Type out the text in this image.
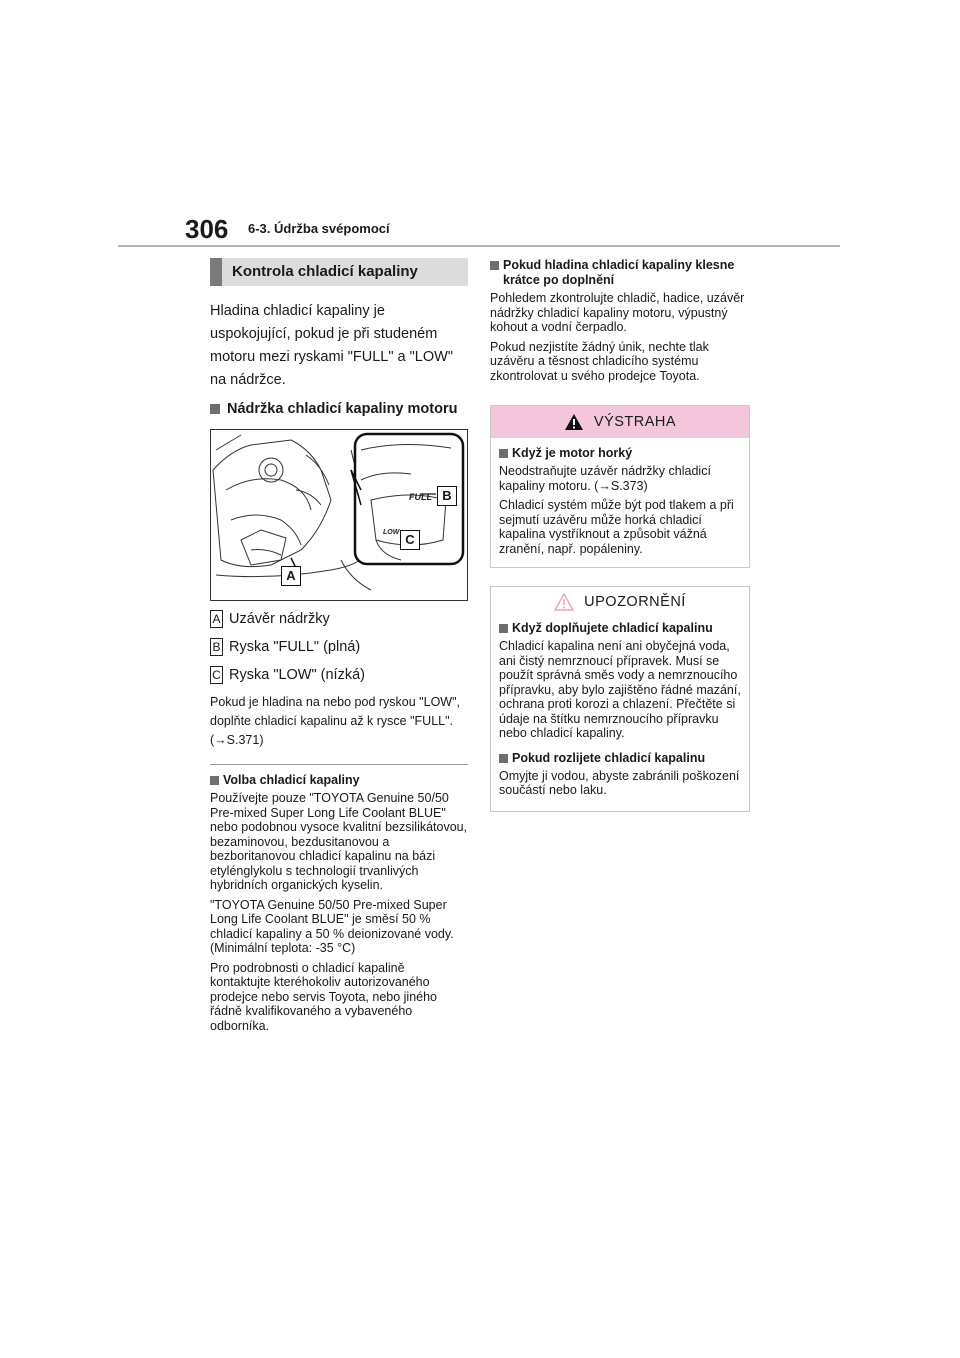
306 6-3. Údržba svépomocí
Kontrola chladicí kapaliny

Hladina chladicí kapaliny je uspokojující, pokud je při studeném motoru mezi ryskami "FULL" a "LOW" na nádržce.

Nádržka chladicí kapaliny motoru
FULL
LOW
B
C
A
A Uzávěr nádržky
B Ryska "FULL" (plná)
C Ryska "LOW" (nízká)

Pokud je hladina na nebo pod ryskou "LOW", doplňte chladicí kapalinu až k rysce "FULL". (→S.371)

Volba chladicí kapaliny

Používejte pouze "TOYOTA Genuine 50/50 Pre-mixed Super Long Life Coolant BLUE" nebo podobnou vysoce kvalitní bezsilikátovou, bezaminovou, bezdusitanovou a bezboritanovou chladicí kapalinu na bázi etylénglykolu s technologií trvanlivých hybridních organických kyselin.

"TOYOTA Genuine 50/50 Pre-mixed Super Long Life Coolant BLUE" je směsí 50 % chladicí kapaliny a 50 % deionizované vody. (Minimální teplota: -35 °C)

Pro podrobnosti o chladicí kapalině kontaktujte kteréhokoliv autorizovaného prodejce nebo servis Toyota, nebo jiného řádně kvalifikovaného a vybaveného odborníka.

Pokud hladina chladicí kapaliny klesne krátce po doplnění

Pohledem zkontrolujte chladič, hadice, uzávěr nádržky chladicí kapaliny motoru, výpustný kohout a vodní čerpadlo.

Pokud nezjistíte žádný únik, nechte tlak uzávěru a těsnost chladicího systému zkontrolovat u svého prodejce Toyota.

VÝSTRAHA
Když je motor horký

Neodstraňujte uzávěr nádržky chladicí kapaliny motoru. (→S.373)

Chladicí systém může být pod tlakem a při sejmutí uzávěru může horká chladicí kapalina vystříknout a způsobit vážná zranění, např. popáleniny.

UPOZORNĚNÍ
Když doplňujete chladicí kapalinu

Chladicí kapalina není ani obyčejná voda, ani čistý nemrznoucí přípravek. Musí se použít správná směs vody a nemrznoucího přípravku, aby bylo zajištěno řádné mazání, ochrana proti korozi a chlazení. Přečtěte si údaje na štítku nemrznoucího přípravku nebo chladicí kapaliny.

Pokud rozlijete chladicí kapalinu

Omyjte ji vodou, abyste zabránili poškození součástí nebo laku.
